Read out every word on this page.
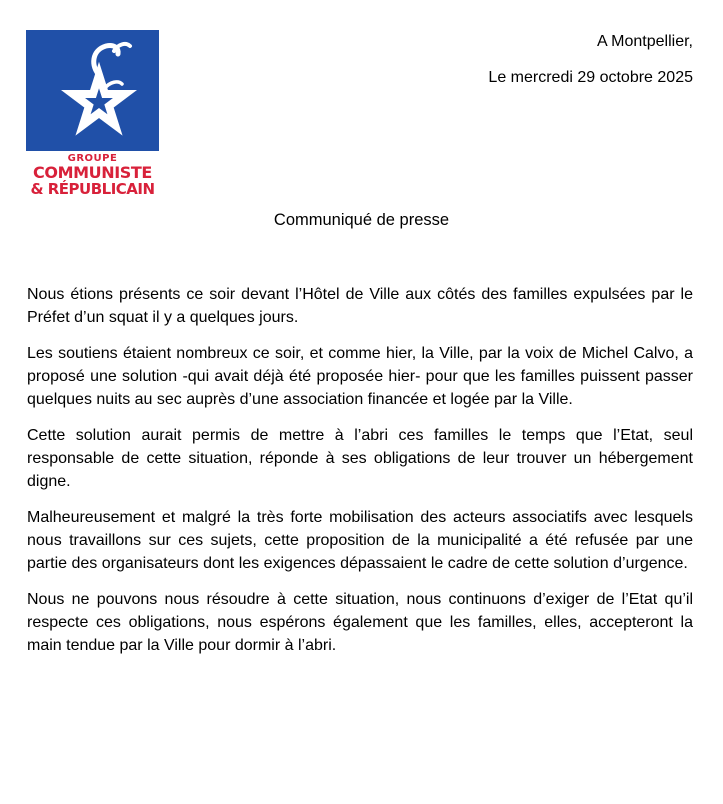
GROUPE
COMMUNISTE
& RÉPUBLICAIN
A Montpellier,
Le mercredi 29 octobre 2025
Communiqué de presse

Nous étions présents ce soir devant l’Hôtel de Ville aux côtés des familles expulsées par le Préfet d’un squat il y a quelques jours.

Les soutiens étaient nombreux ce soir, et comme hier, la Ville, par la voix de Michel Calvo, a proposé une solution -qui avait déjà été proposée hier- pour que les familles puissent passer quelques nuits au sec auprès d’une association financée et logée par la Ville.

Cette solution aurait permis de mettre à l’abri ces familles le temps que l’Etat, seul responsable de cette situation, réponde à ses obligations de leur trouver un hébergement digne.

Malheureusement et malgré la très forte mobilisation des acteurs associatifs avec lesquels nous travaillons sur ces sujets, cette proposition de la municipalité a été refusée par une partie des organisateurs dont les exigences dépassaient le cadre de cette solution d’urgence.

Nous ne pouvons nous résoudre à cette situation, nous continuons d’exiger de l’Etat qu’il respecte ces obligations, nous espérons également que les familles, elles, accepteront la main tendue par la Ville pour dormir à l’abri.
